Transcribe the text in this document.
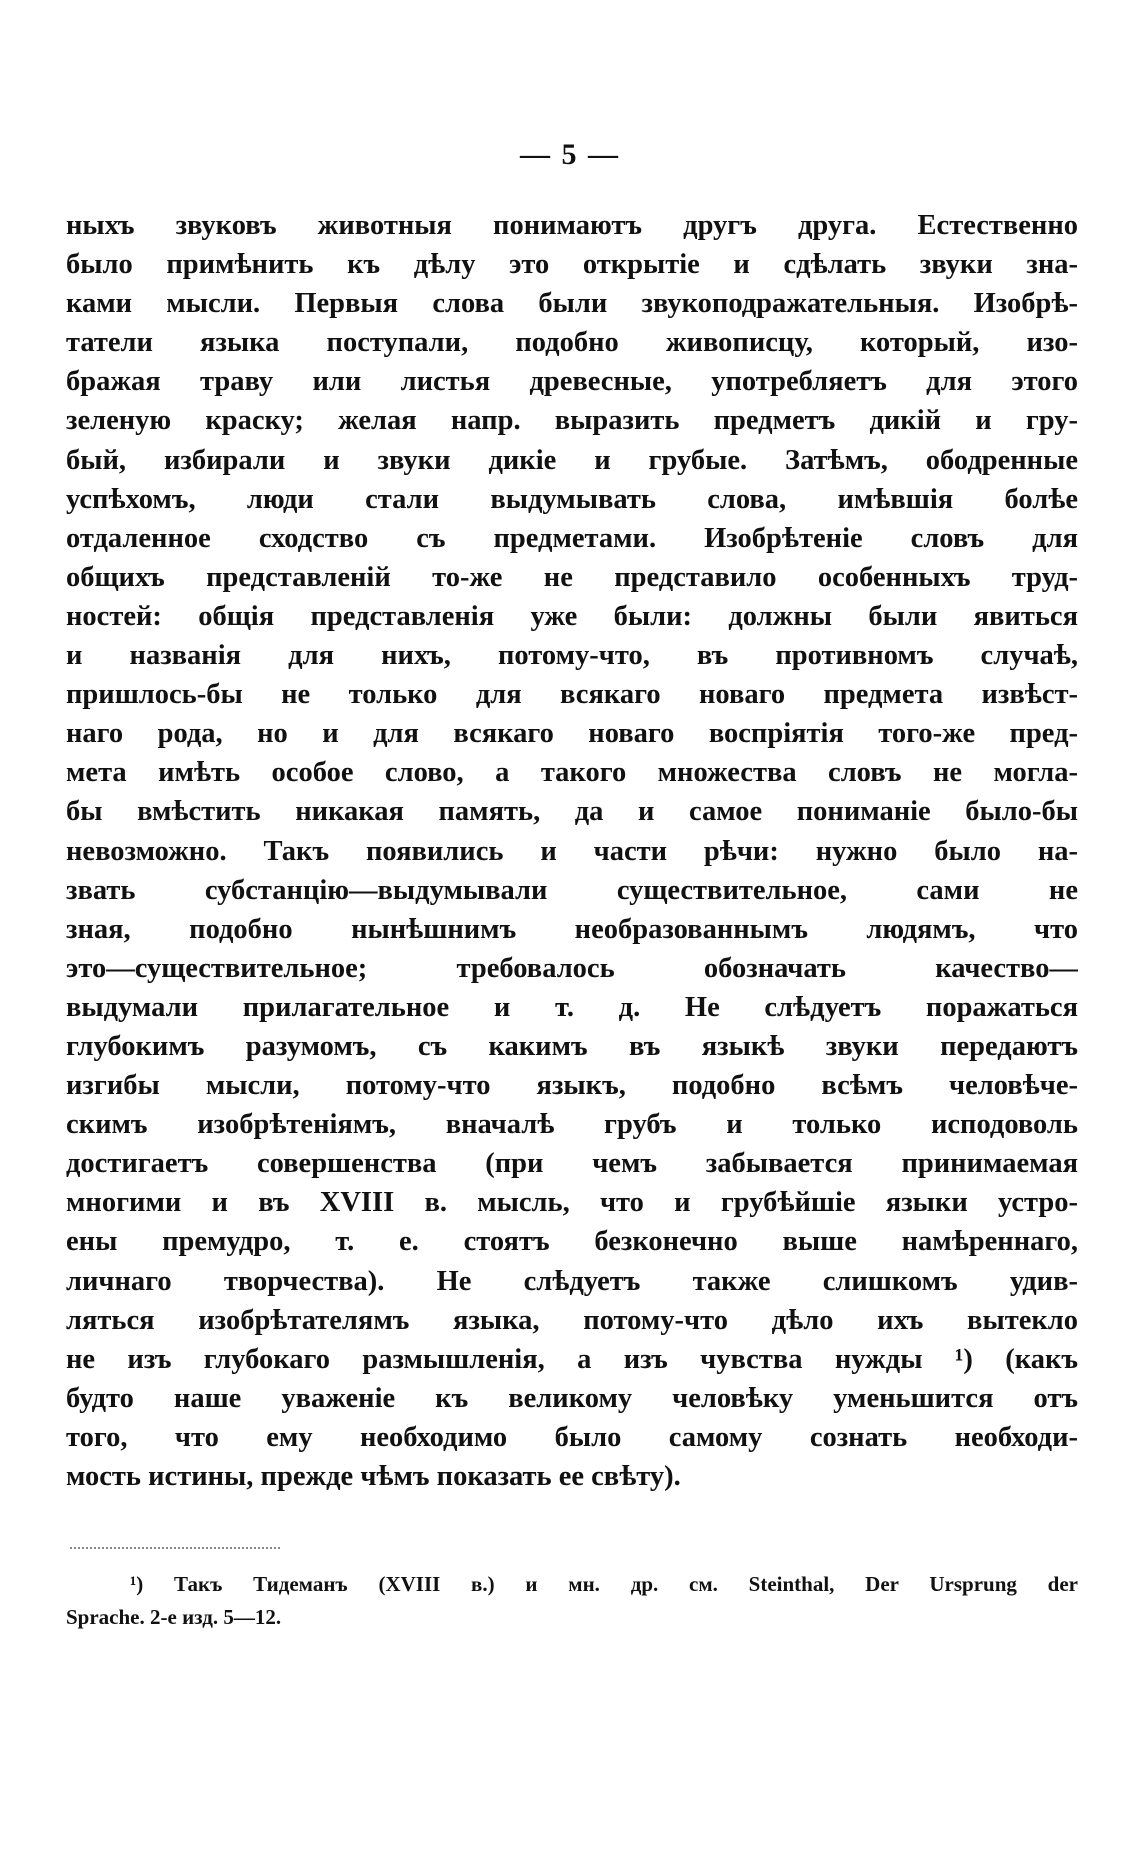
— 5 —
ныхъ звуковъ животныя понимаютъ другъ друга. Естественно
было примѣнить къ дѣлу это открытіе и сдѣлать звуки зна-
ками мысли. Первыя слова были звукоподражательныя. Изобрѣ-
татели языка поступали, подобно живописцу, который, изо-
бражая траву или листья древесные, употребляетъ для этого
зеленую краску; желая напр. выразить предметъ дикій и гру-
бый, избирали и звуки дикіе и грубые. Затѣмъ, ободренные
успѣхомъ, люди стали выдумывать слова, имѣвшія болѣе
отдаленное сходство съ предметами. Изобрѣтеніе словъ для
общихъ представленій то-же не представило особенныхъ труд-
ностей: общія представленія уже были: должны были явиться
и названія для нихъ, потому-что, въ противномъ случаѣ,
пришлось-бы не только для всякаго новаго предмета извѣст-
наго рода, но и для всякаго новаго воспріятія того-же пред-
мета имѣть особое слово, а такого множества словъ не могла-
бы вмѣстить никакая память, да и самое пониманіе было-бы
невозможно. Такъ появились и части рѣчи: нужно было на-
звать субстанцію—выдумывали существительное, сами не
зная, подобно нынѣшнимъ необразованнымъ людямъ, что
это—существительное; требовалось обозначать качество—
выдумали прилагательное и т. д. Не слѣдуетъ поражаться
глубокимъ разумомъ, съ какимъ въ языкѣ звуки передаютъ
изгибы мысли, потому-что языкъ, подобно всѣмъ человѣче-
скимъ изобрѣтеніямъ, вначалѣ грубъ и только исподоволь
достигаетъ совершенства (при чемъ забывается принимаемая
многими и въ XVIII в. мысль, что и грубѣйшіе языки устро-
ены премудро, т. е. стоятъ безконечно выше намѣреннаго,
личнаго творчества). Не слѣдуетъ также слишкомъ удив-
ляться изобрѣтателямъ языка, потому-что дѣло ихъ вытекло
не изъ глубокаго размышленія, а изъ чувства нужды ¹) (какъ
будто наше уваженіе къ великому человѣку уменьшится отъ
того, что ему необходимо было самому сознать необходи-
мость истины, прежде чѣмъ показать ее свѣту).
¹) Такъ Тидеманъ (XVIII в.) и мн. др. см. Steinthal, Der Ursprung der
Sprache. 2-е изд. 5—12.
